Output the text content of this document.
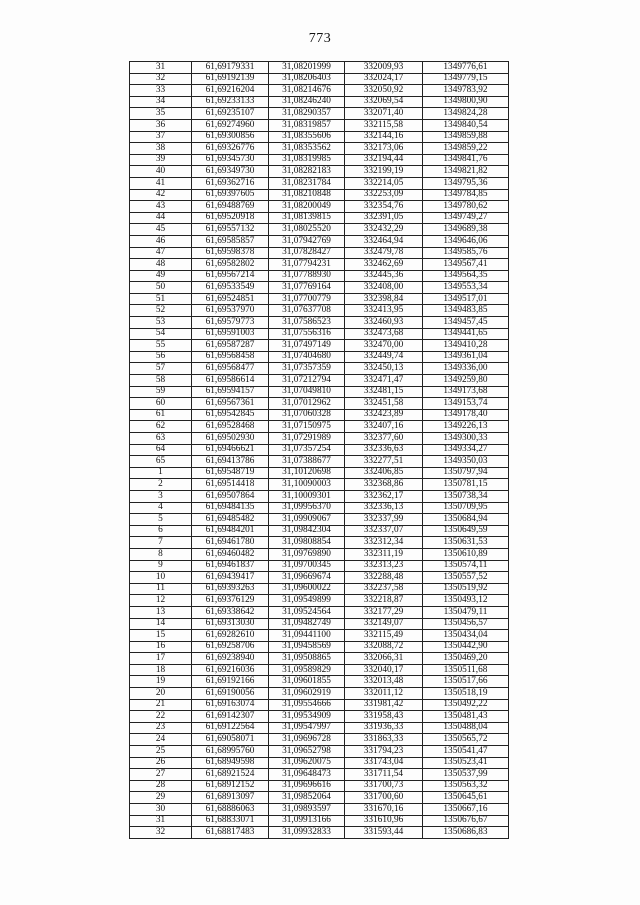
773
31	61,69179331	31,08201999	332009,93	1349776,61
32	61,69192139	31,08206403	332024,17	1349779,15
33	61,69216204	31,08214676	332050,92	1349783,92
34	61,69233133	31,08246240	332069,54	1349800,90
35	61,69235107	31,08290357	332071,40	1349824,28
36	61,69274960	31,08319857	332115,58	1349840,54
37	61,69300856	31,08355606	332144,16	1349859,88
38	61,69326776	31,08353562	332173,06	1349859,22
39	61,69345730	31,08319985	332194,44	1349841,76
40	61,69349730	31,08282183	332199,19	1349821,82
41	61,69362716	31,08231784	332214,05	1349795,36
42	61,69397605	31,08210848	332253,09	1349784,85
43	61,69488769	31,08200049	332354,76	1349780,62
44	61,69520918	31,08139815	332391,05	1349749,27
45	61,69557132	31,08025520	332432,29	1349689,38
46	61,69585857	31,07942769	332464,94	1349646,06
47	61,69598378	31,07828427	332479,78	1349585,76
48	61,69582802	31,07794231	332462,69	1349567,41
49	61,69567214	31,07788930	332445,36	1349564,35
50	61,69533549	31,07769164	332408,00	1349553,34
51	61,69524851	31,07700779	332398,84	1349517,01
52	61,69537970	31,07637708	332413,95	1349483,85
53	61,69579773	31,07586523	332460,93	1349457,45
54	61,69591003	31,07556316	332473,68	1349441,65
55	61,69587287	31,07497149	332470,00	1349410,28
56	61,69568458	31,07404680	332449,74	1349361,04
57	61,69568477	31,07357359	332450,13	1349336,00
58	61,69586614	31,07212794	332471,47	1349259,80
59	61,69594157	31,07049810	332481,15	1349173,68
60	61,69567361	31,07012962	332451,58	1349153,74
61	61,69542845	31,07060328	332423,89	1349178,40
62	61,69528468	31,07150975	332407,16	1349226,13
63	61,69502930	31,07291989	332377,60	1349300,33
64	61,69466621	31,07357254	332336,63	1349334,27
65	61,69413786	31,07388677	332277,51	1349350,03
1	61,69548719	31,10120698	332406,85	1350797,94
2	61,69514418	31,10090003	332368,86	1350781,15
3	61,69507864	31,10009301	332362,17	1350738,34
4	61,69484135	31,09956370	332336,13	1350709,95
5	61,69485482	31,09909067	332337,99	1350684,94
6	61,69484201	31,09842304	332337,07	1350649,59
7	61,69461780	31,09808854	332312,34	1350631,53
8	61,69460482	31,09769890	332311,19	1350610,89
9	61,69461837	31,09700345	332313,23	1350574,11
10	61,69439417	31,09669674	332288,48	1350557,52
11	61,69393263	31,09600022	332237,58	1350519,92
12	61,69376129	31,09549899	332218,87	1350493,12
13	61,69338642	31,09524564	332177,29	1350479,11
14	61,69313030	31,09482749	332149,07	1350456,57
15	61,69282610	31,09441100	332115,49	1350434,04
16	61,69258706	31,09458569	332088,72	1350442,90
17	61,69238940	31,09508865	332066,31	1350469,20
18	61,69216036	31,09589829	332040,17	1350511,68
19	61,69192166	31,09601855	332013,48	1350517,66
20	61,69190056	31,09602919	332011,12	1350518,19
21	61,69163074	31,09554666	331981,42	1350492,22
22	61,69142307	31,09534909	331958,43	1350481,43
23	61,69122564	31,09547997	331936,33	1350488,04
24	61,69058071	31,09696728	331863,33	1350565,72
25	61,68995760	31,09652798	331794,23	1350541,47
26	61,68949598	31,09620075	331743,04	1350523,41
27	61,68921524	31,09648473	331711,54	1350537,99
28	61,68912152	31,09696616	331700,73	1350563,32
29	61,68913097	31,09852064	331700,60	1350645,61
30	61,68886063	31,09893597	331670,16	1350667,16
31	61,68833071	31,09913166	331610,96	1350676,67
32	61,68817483	31,09932833	331593,44	1350686,83
